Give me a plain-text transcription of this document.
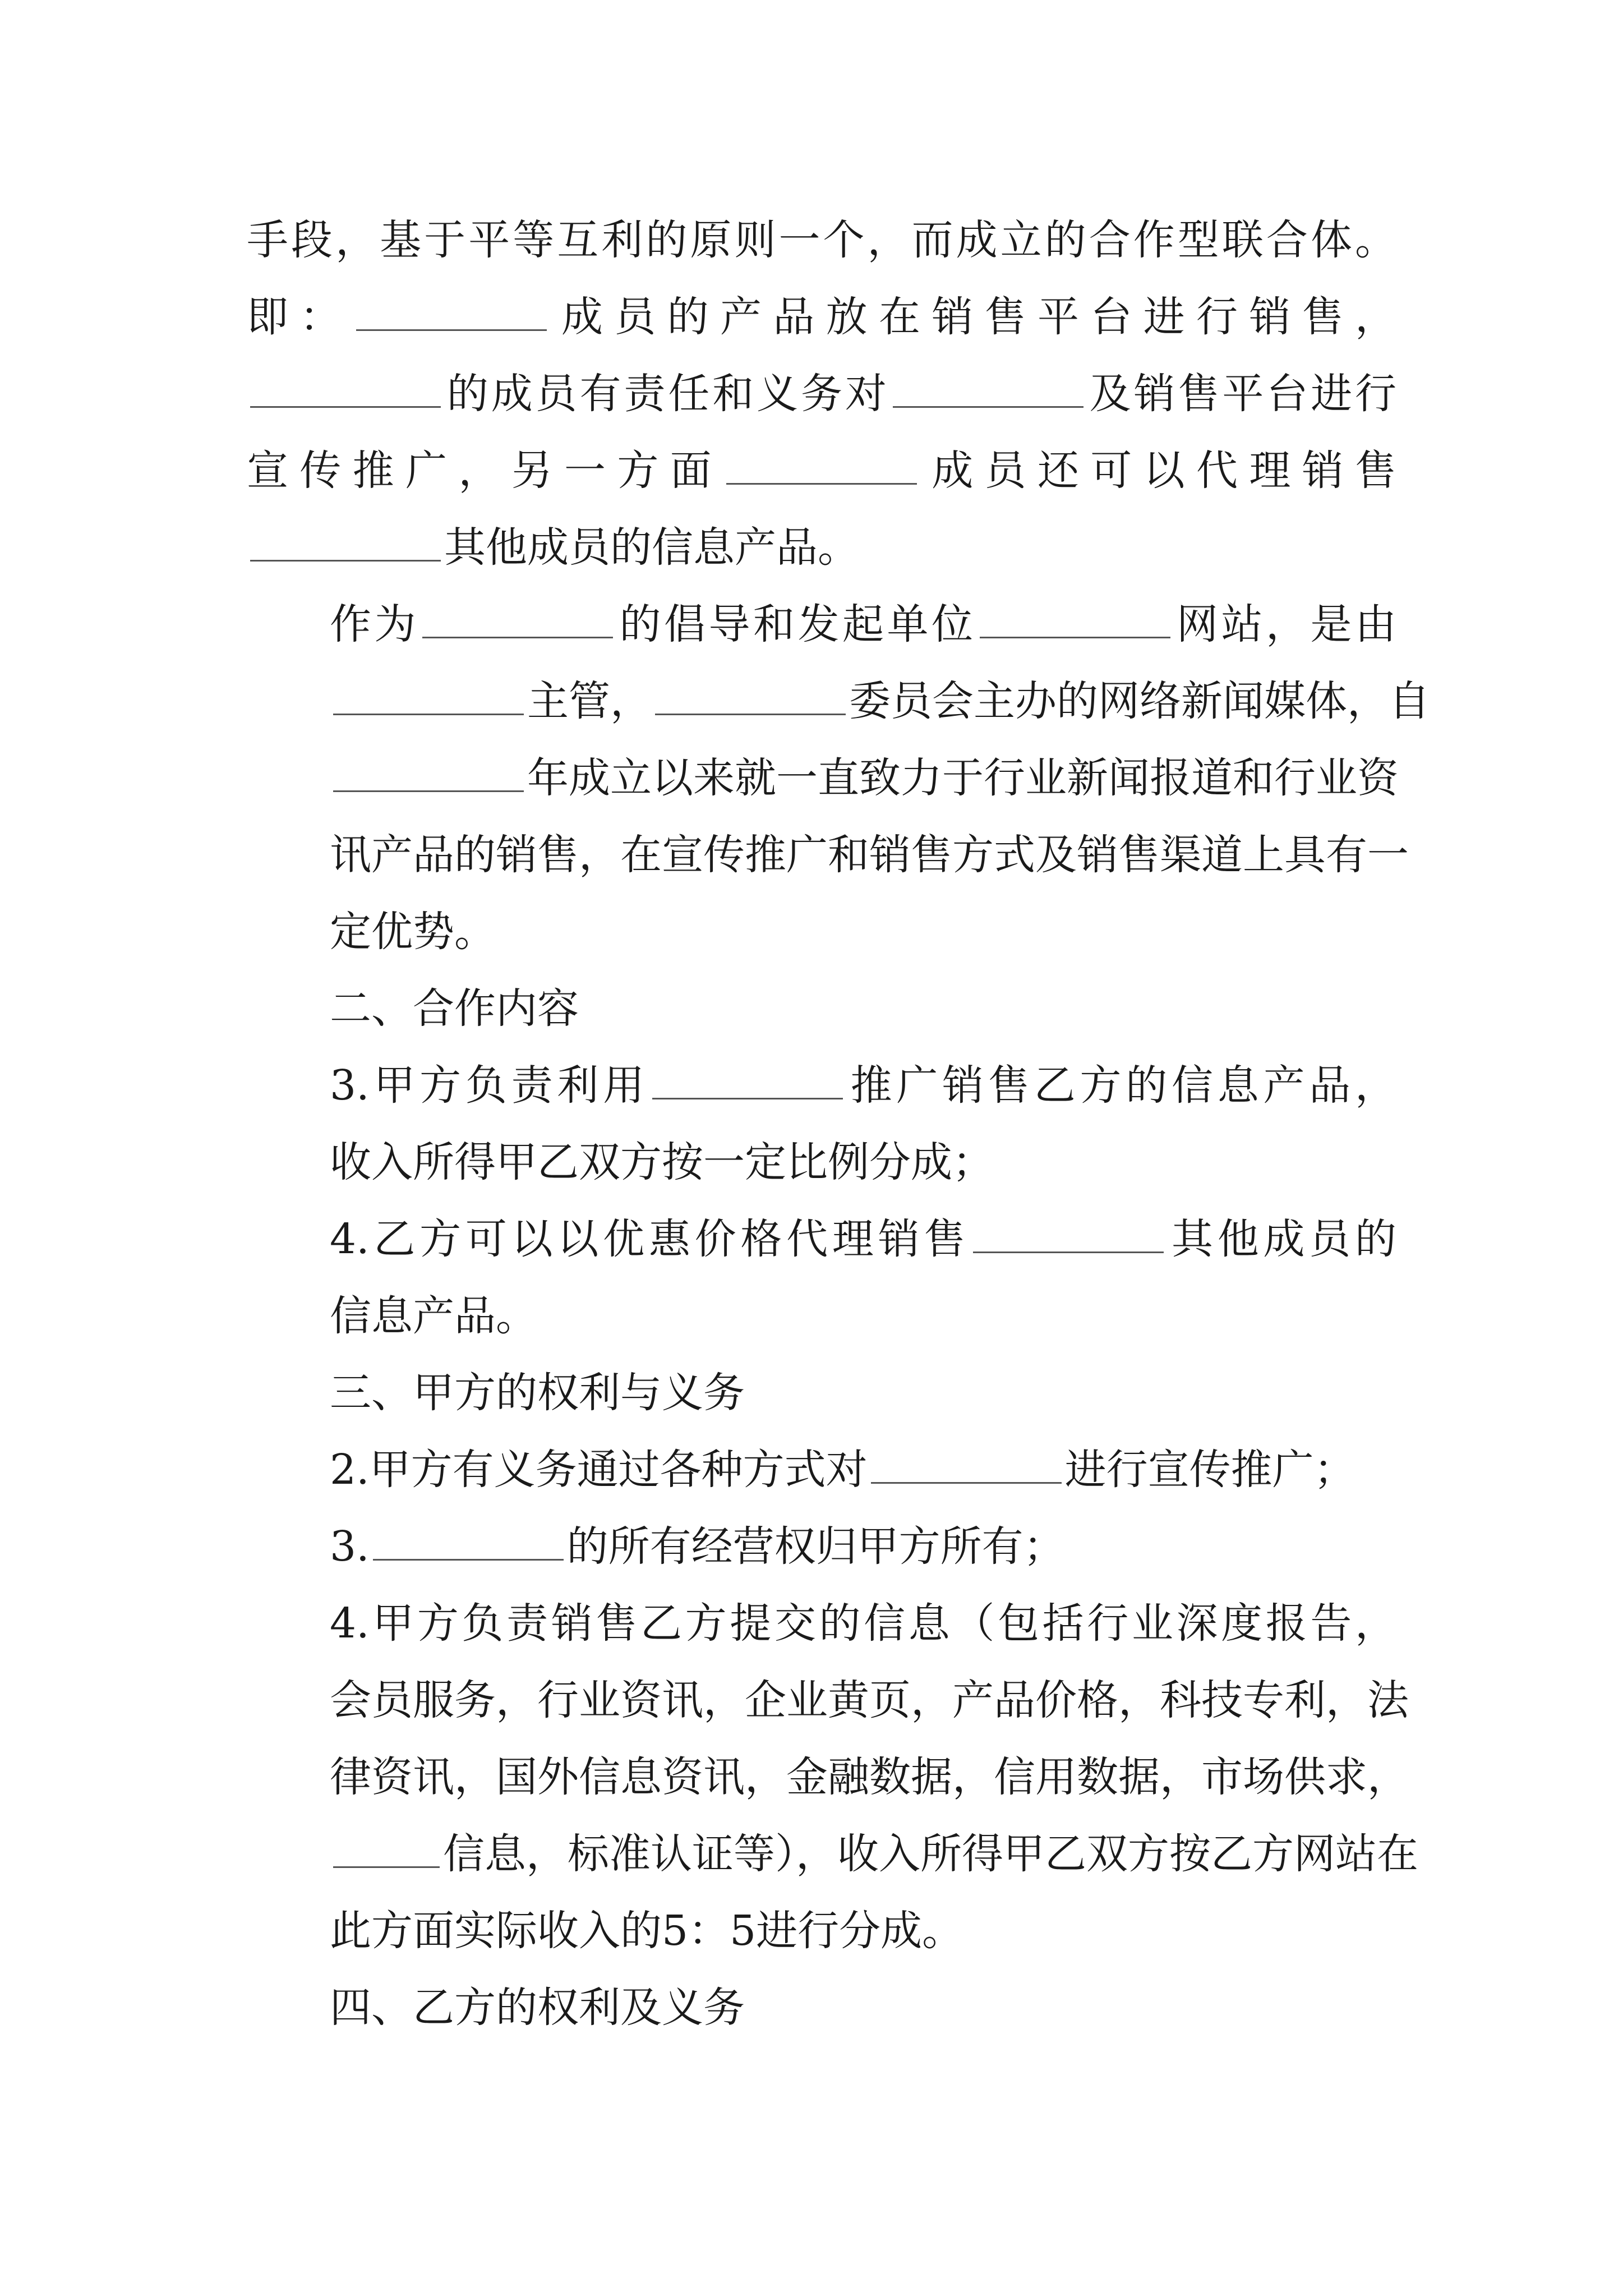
手段，基于平等互利的原则一个，而成立的合作型联合体。
即：	成员的产品放在销售平台进行销售，
的成员有责任和义务对	及销售平台进行
宣传推广，另一方面	成员还可以代理销售
其他成员的信息产品。
作为	的倡导和发起单位	网站，是由
主管，	委员会主办的网络新闻媒体，自
年成立以来就一直致力于行业新闻报道和行业资
讯产品的销售，在宣传推广和销售方式及销售渠道上具有一
定优势。
二、合作内容
3.甲方负责利用	推广销售乙方的信息产品，
收入所得甲乙双方按一定比例分成；
4.乙方可以以优惠价格代理销售	其他成员的
信息产品。
三、甲方的权利与义务
2.甲方有义务通过各种方式对	进行宣传推广；
3.	的所有经营权归甲方所有；
4.甲方负责销售乙方提交的信息（包括行业深度报告，
会员服务，行业资讯，企业黄页，产品价格，科技专利，法
律资讯，国外信息资讯，金融数据，信用数据，市场供求，
信息，标准认证等），收入所得甲乙双方按乙方网站在
此方面实际收入的5：5进行分成。
四、乙方的权利及义务
